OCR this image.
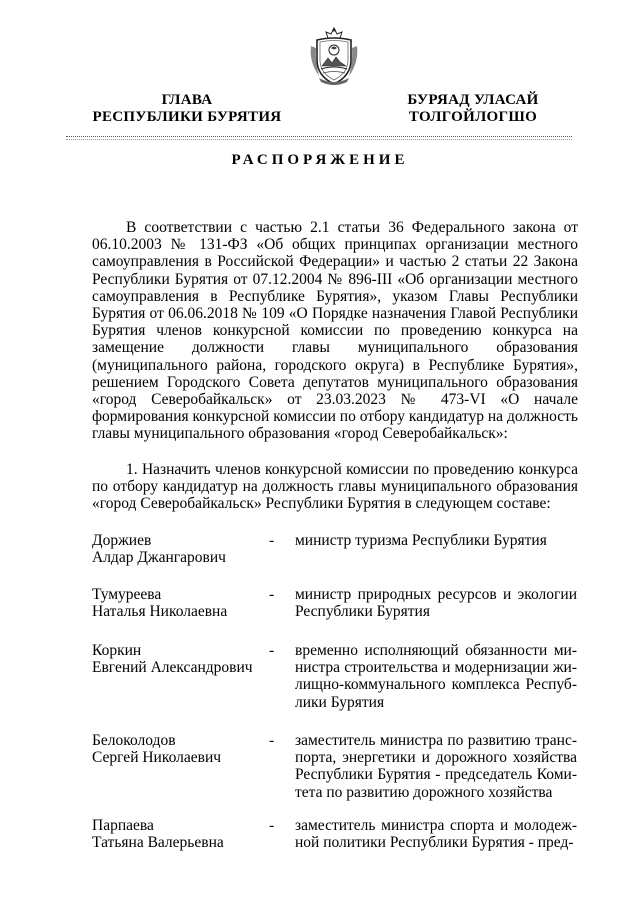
ГЛАВА
РЕСПУБЛИКИ БУРЯТИЯ
БУРЯАД УЛАСАЙ
ТОЛГОЙЛОГШО
РАСПОРЯЖЕНИЕ
В соответствии с частью 2.1 статьи 36 Федерального закона от 06.10.2003 № 131-ФЗ «Об общих принципах организации местного самоуправления в Российской Федерации» и частью 2 статьи 22 Закона Республики Бурятия от 07.12.2004 № 896-III «Об организации местного самоуправления в Республике Бурятия», указом Главы Республики Бурятия от 06.06.2018 № 109 «О Порядке назначения Главой Республики Бурятия членов конкурсной комиссии по проведению конкурса на замещение должности главы муниципального образования (муниципального района, городского округа) в Республике Бурятия», решением Городского Совета депутатов муниципального образования «город Северобайкальск» от 23.03.2023 № 473-VI «О начале формирования конкурсной комиссии по отбору кандидатур на должность главы муниципального образования «город Северобайкальск»:
1. Назначить членов конкурсной комиссии по проведению конкурса по отбору кандидатур на должность главы муниципального образования «город Северобайкальск» Республики Бурятия в следующем составе:
Доржиев
Алдар Джангарович
-	министр туризма Республики Бурятия
Тумуреева
Наталья Николаевна
-	министр природных ресурсов и экологии Республики Бурятия
Коркин
Евгений Александрович
-	временно исполняющий обязанности министра строительства и модернизации жилищно-коммунального комплекса Республики Бурятия
Белоколодов
Сергей Николаевич
-	заместитель министра по развитию транспорта, энергетики и дорожного хозяйства Республики Бурятия - председатель Комитета по развитию дорожного хозяйства
Парпаева
Татьяна Валерьевна
-	заместитель министра спорта и молодежной политики Республики Бурятия - пред-
